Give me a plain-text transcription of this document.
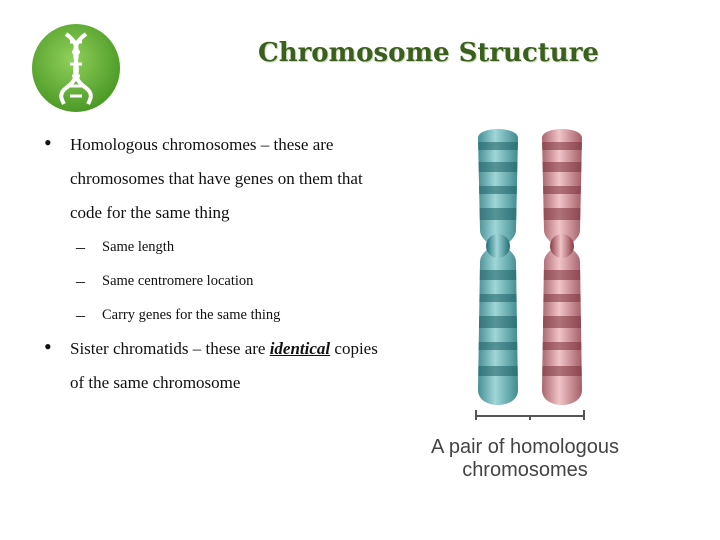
Chromosome Structure
• Homologous chromosomes – these are chromosomes that have genes on them that code for the same thing
– Same length
– Same centromere location
– Carry genes for the same thing
• Sister chromatids – these are identical copies of the same chromosome
A pair of homologous
chromosomes
